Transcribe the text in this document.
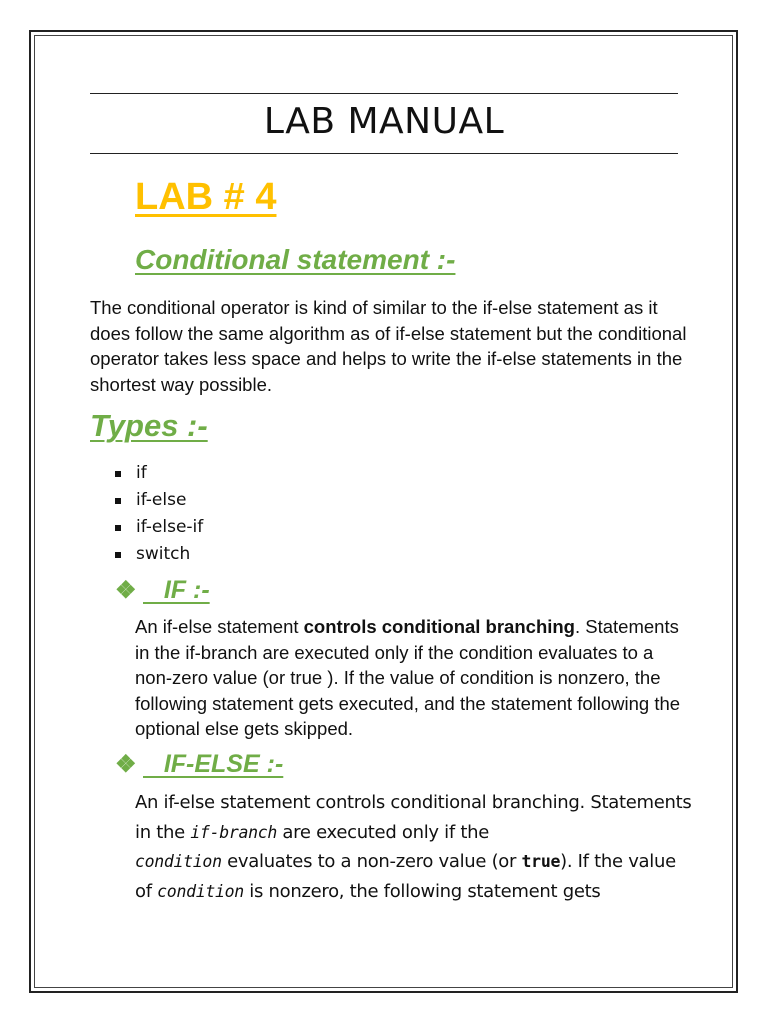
LAB MANUAL
LAB # 4
Conditional statement :-

The conditional operator is kind of similar to the if-else statement as it does follow the same algorithm as of if-else statement but the conditional operator takes less space and helps to write the if-else statements in the shortest way possible.

Types :-
if
if-else
if-else-if
switch
❖   IF :-

An if-else statement controls conditional branching. Statements in the if-branch are executed only if the condition evaluates to a non-zero value (or true ). If the value of condition is nonzero, the following statement gets executed, and the statement following the optional else gets skipped.

❖   IF-ELSE :-

An if-else statement controls conditional branching. Statements in the if-branch are executed only if the
condition evaluates to a non-zero value (or true). If the value of condition is nonzero, the following statement gets
